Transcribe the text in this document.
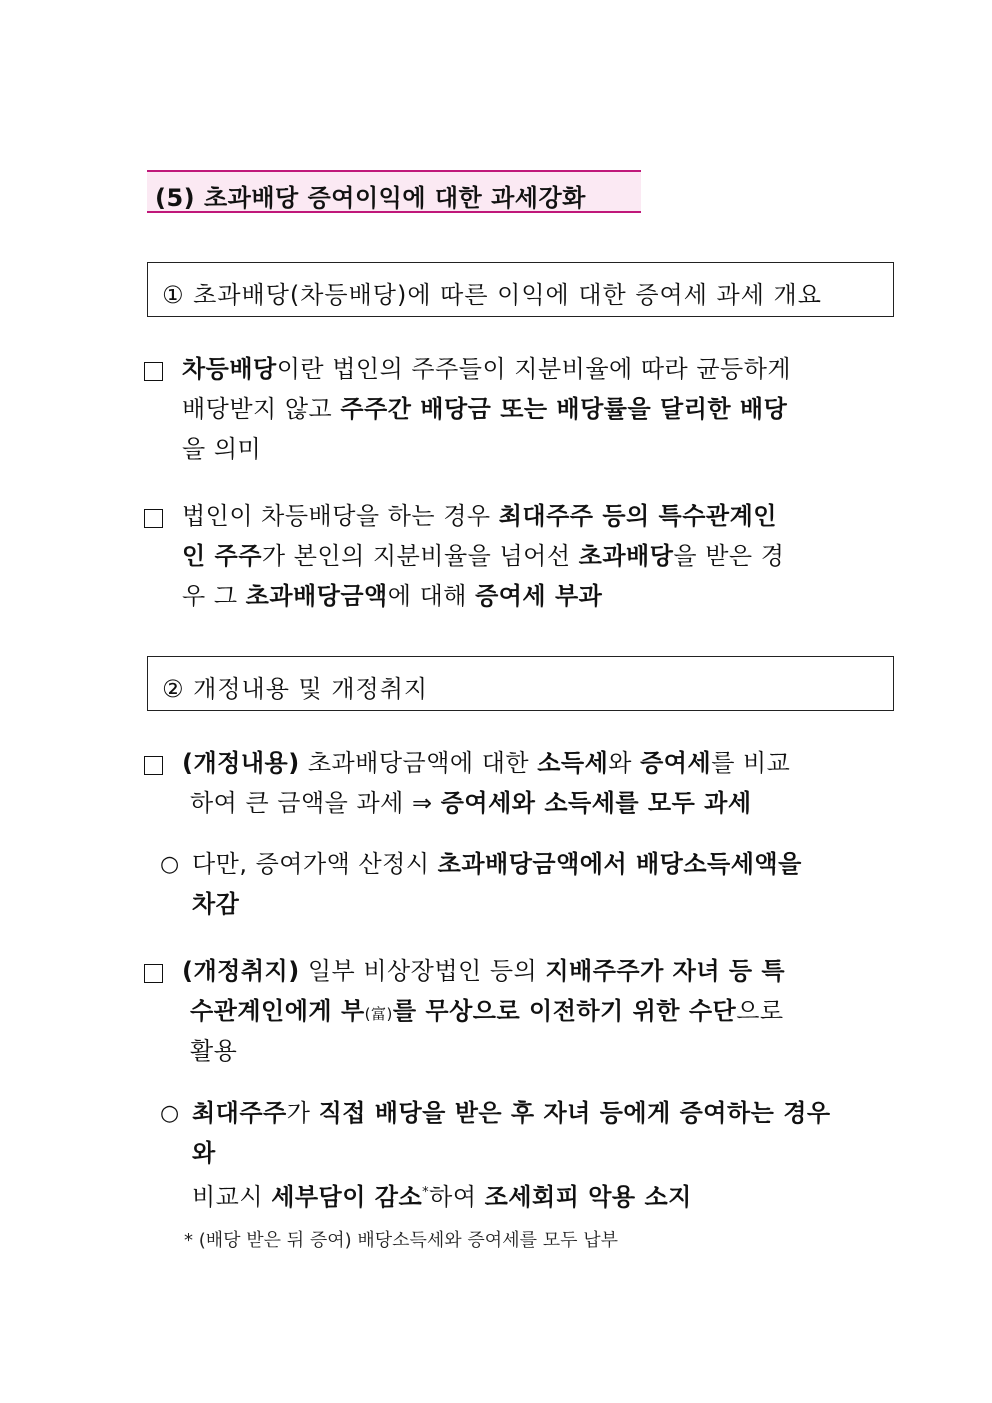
(5) 초과배당 증여이익에 대한 과세강화
① 초과배당(차등배당)에 따른 이익에 대한 증여세 과세 개요
차등배당이란 법인의 주주들이 지분비율에 따라 균등하게
배당받지 않고 주주간 배당금 또는 배당률을 달리한 배당
을 의미
법인이 차등배당을 하는 경우 최대주주 등의 특수관계인
인 주주가 본인의 지분비율을 넘어선 초과배당을 받은 경
우 그 초과배당금액에 대해 증여세 부과
② 개정내용 및 개정취지
(개정내용) 초과배당금액에 대한 소득세와 증여세를 비교
하여 큰 금액을 과세 ⇒ 증여세와 소득세를 모두 과세
○ 다만, 증여가액 산정시 초과배당금액에서 배당소득세액을
차감
(개정취지) 일부 비상장법인 등의 지배주주가 자녀 등 특
수관계인에게 부(富)를 무상으로 이전하기 위한 수단으로
활용
○ 최대주주가 직접 배당을 받은 후 자녀 등에게 증여하는 경우
와
비교시 세부담이 감소*하여 조세회피 악용 소지
* (배당 받은 뒤 증여) 배당소득세와 증여세를 모두 납부
